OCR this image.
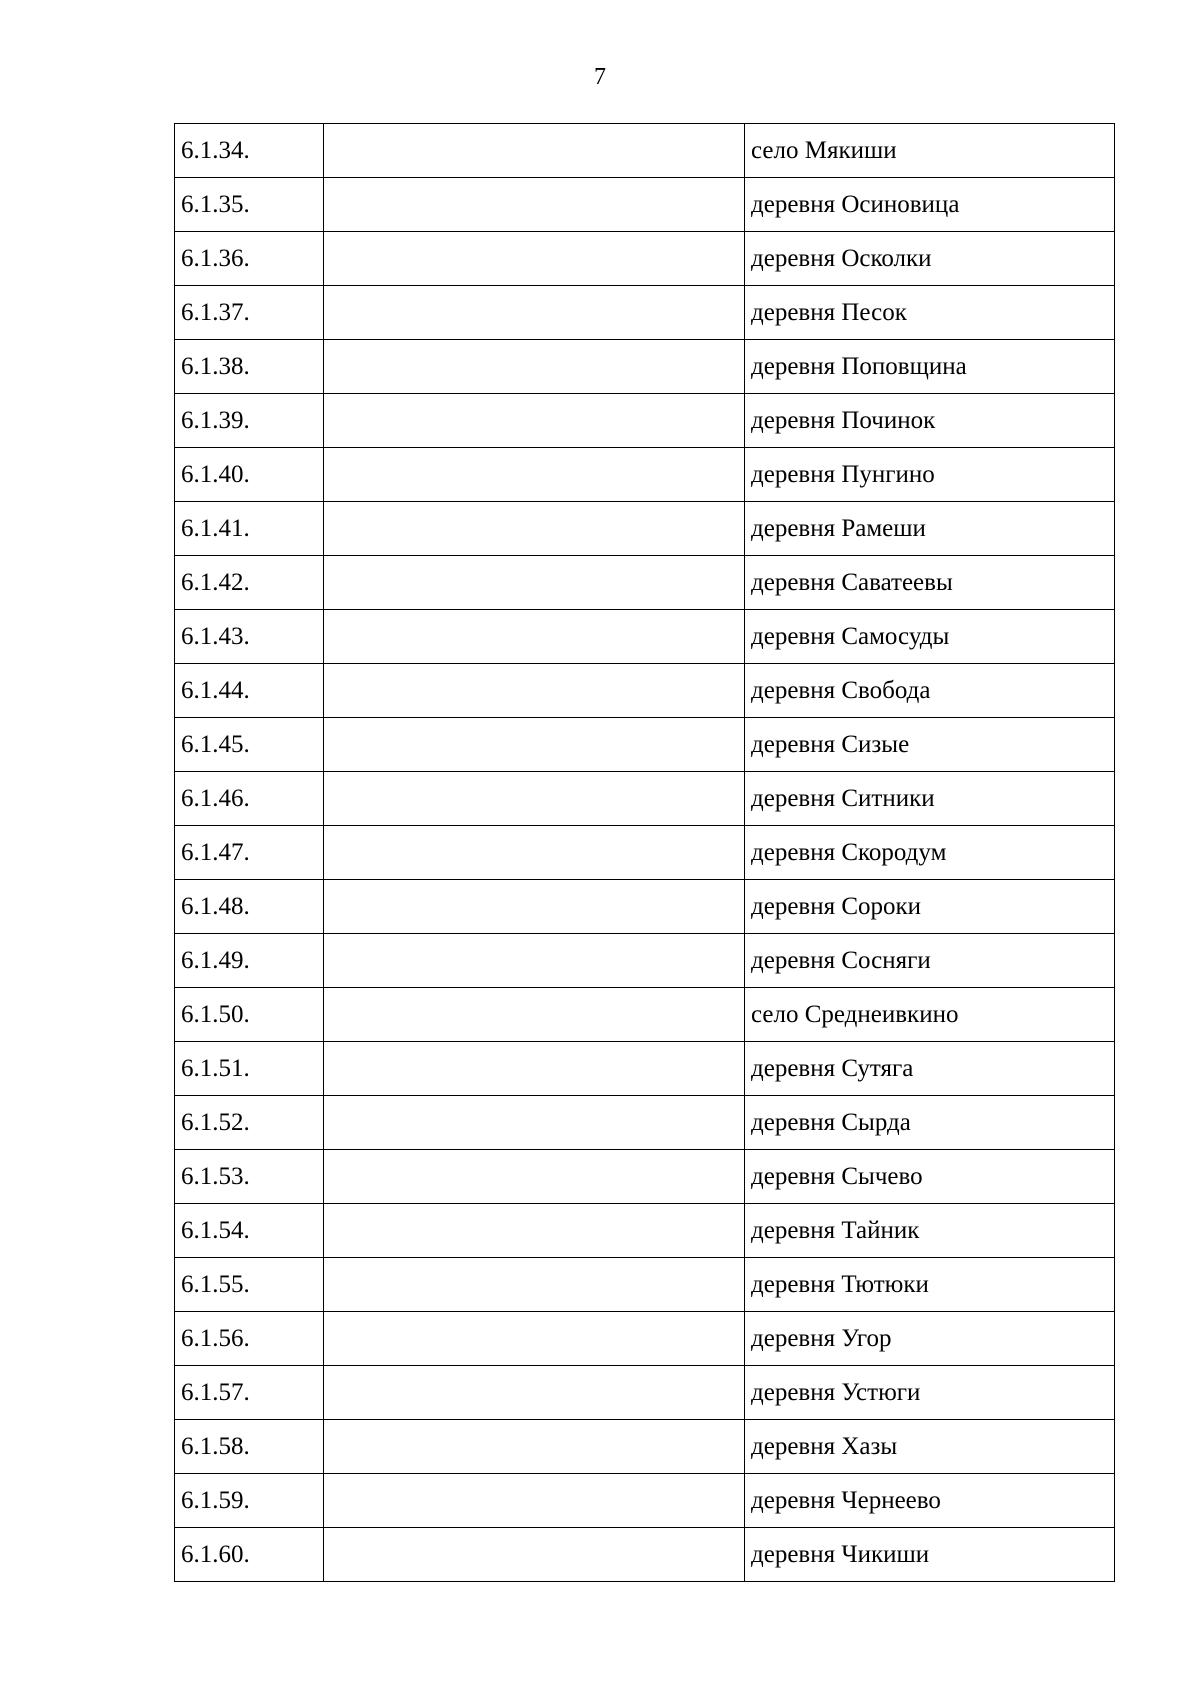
7
6.1.34.		село Мякиши
6.1.35.		деревня Осиновица
6.1.36.		деревня Осколки
6.1.37.		деревня Песок
6.1.38.		деревня Поповщина
6.1.39.		деревня Починок
6.1.40.		деревня Пунгино
6.1.41.		деревня Рамеши
6.1.42.		деревня Саватеевы
6.1.43.		деревня Самосуды
6.1.44.		деревня Свобода
6.1.45.		деревня Сизые
6.1.46.		деревня Ситники
6.1.47.		деревня Скородум
6.1.48.		деревня Сороки
6.1.49.		деревня Сосняги
6.1.50.		село Среднеивкино
6.1.51.		деревня Сутяга
6.1.52.		деревня Сырда
6.1.53.		деревня Сычево
6.1.54.		деревня Тайник
6.1.55.		деревня Тютюки
6.1.56.		деревня Угор
6.1.57.		деревня Устюги
6.1.58.		деревня Хазы
6.1.59.		деревня Чернеево
6.1.60.		деревня Чикиши
